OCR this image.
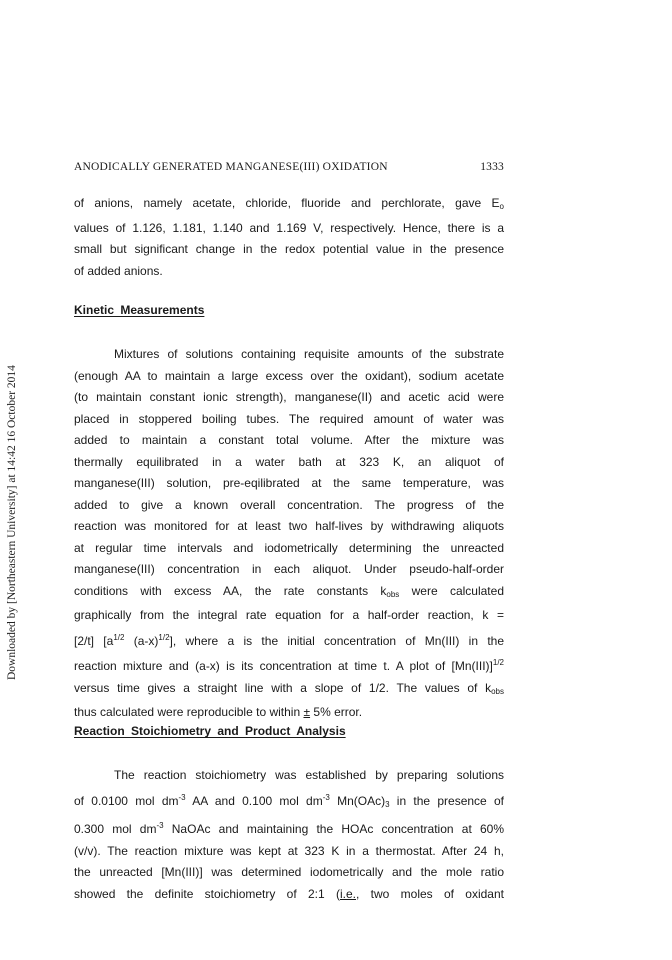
ANODICALLY GENERATED MANGANESE(III) OXIDATION	1333
Downloaded by [Northeastern University] at 14:42 16 October 2014
of anions, namely acetate, chloride, fluoride and perchlorate, gave $E_o$
values of 1.126, 1.181, 1.140 and 1.169 V, respectively. Hence, there is a
small but significant change in the redox potential value in the presence
of added anions.
Kinetic Measurements
Mixtures of solutions containing requisite amounts of the substrate
(enough AA to maintain a large excess over the oxidant), sodium acetate
(to maintain constant ionic strength), manganese(II) and acetic acid were
placed in stoppered boiling tubes. The required amount of water was
added to maintain a constant total volume. After the mixture was
thermally equilibrated in a water bath at 323 K, an aliquot of
manganese(III) solution, pre-eqilibrated at the same temperature, was
added to give a known overall concentration. The progress of the
reaction was monitored for at least two half-lives by withdrawing aliquots
at regular time intervals and iodometrically determining the unreacted
manganese(III) concentration in each aliquot. Under pseudo-half-order
conditions with excess AA, the rate constants $k_{obs}$ were calculated
graphically from the integral rate equation for a half-order reaction, k =
[2/t] [$a^{1/2}$ $(a-x)^{1/2}$], where a is the initial concentration of Mn(III) in the
reaction mixture and (a-x) is its concentration at time t. A plot of $[Mn(III)]^{1/2}$
versus time gives a straight line with a slope of 1/2. The values of $k_{obs}$
thus calculated were reproducible to within ± 5% error.
Reaction Stoichiometry and Product Analysis
The reaction stoichiometry was established by preparing solutions
of 0.0100 mol $dm^{-3}$ AA and 0.100 mol $dm^{-3}$ $Mn(OAc)_3$ in the presence of
0.300 mol $dm^{-3}$ NaOAc and maintaining the HOAc concentration at 60%
(v/v). The reaction mixture was kept at 323 K in a thermostat. After 24 h,
the unreacted [Mn(III)] was determined iodometrically and the mole ratio
showed the definite stoichiometry of 2:1 (i.e., two moles of oxidant
